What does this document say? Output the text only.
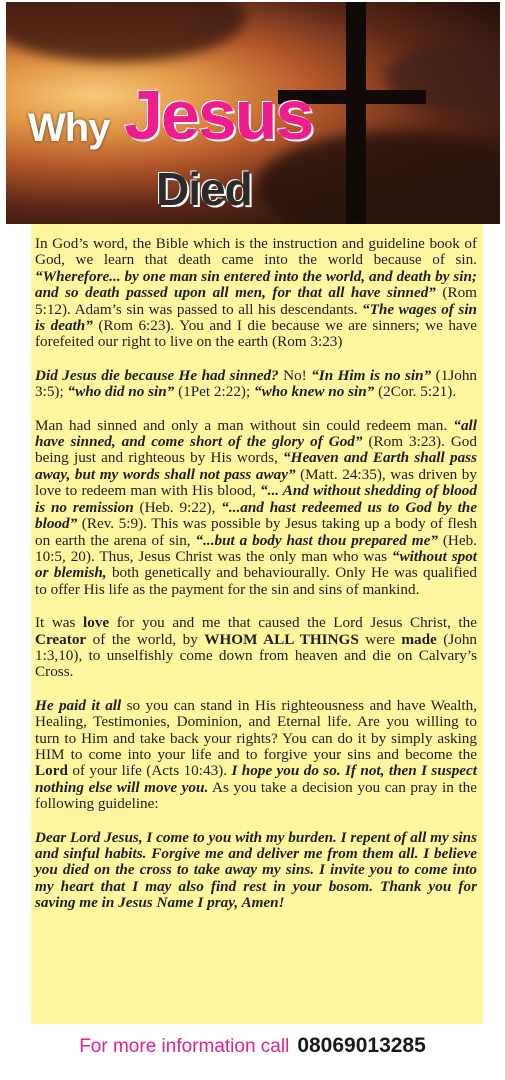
Why Jesus
Died

In God’s word, the Bible which is the instruction and guideline book of God, we learn that death came into the world because of sin. “Wherefore... by one man sin entered into the world, and death by sin; and so death passed upon all men, for that all have sinned” (Rom 5:12). Adam’s sin was passed to all his descendants. “The wages of sin is death” (Rom 6:23). You and I die because we are sinners; we have forefeited our right to live on the earth (Rom 3:23)

Did Jesus die because He had sinned? No! “In Him is no sin” (1John 3:5); “who did no sin” (1Pet 2:22); “who knew no sin” (2Cor. 5:21).

Man had sinned and only a man without sin could redeem man. “all have sinned, and come short of the glory of God” (Rom 3:23). God being just and righteous by His words, “Heaven and Earth shall pass away, but my words shall not pass away” (Matt. 24:35), was driven by love to redeem man with His blood, “... And without shedding of blood is no remission (Heb. 9:22), “...and hast redeemed us to God by the blood” (Rev. 5:9). This was possible by Jesus taking up a body of flesh on earth the arena of sin, “...but a body hast thou prepared me” (Heb. 10:5, 20). Thus, Jesus Christ was the only man who was “without spot or blemish, both genetically and behaviourally. Only He was qualified to offer His life as the payment for the sin and sins of mankind.

It was love for you and me that caused the Lord Jesus Christ, the Creator of the world, by WHOM ALL THINGS were made (John 1:3,10), to unselfishly come down from heaven and die on Calvary’s Cross.

He paid it all so you can stand in His righteousness and have Wealth, Healing, Testimonies, Dominion, and Eternal life. Are you willing to turn to Him and take back your rights? You can do it by simply asking HIM to come into your life and to forgive your sins and become the Lord of your life (Acts 10:43). I hope you do so. If not, then I suspect nothing else will move you. As you take a decision you can pray in the following guideline:

Dear Lord Jesus, I come to you with my burden. I repent of all my sins and sinful habits. Forgive me and deliver me from them all. I believe you died on the cross to take away my sins. I invite you to come into my heart that I may also find rest in your bosom. Thank you for saving me in Jesus Name I pray, Amen!

For more information call 08069013285
